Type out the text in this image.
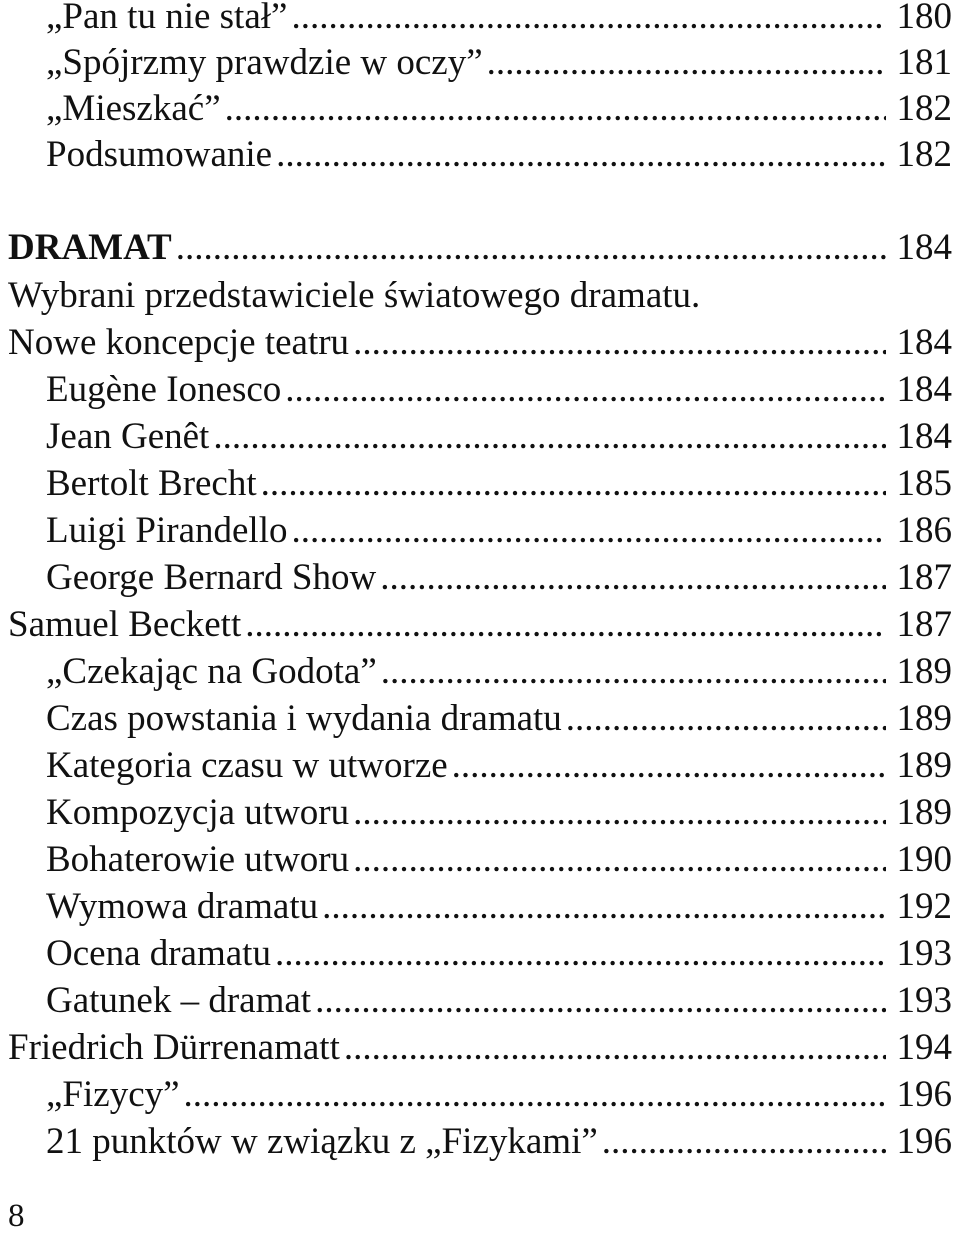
„Pan tu nie stał” .....	180
„Spójrzmy prawdzie w oczy” .....	181
„Mieszkać” .....	182
Podsumowanie .....	182
DRAMAT .....	184
Wybrani przedstawiciele światowego dramatu.
Nowe koncepcje teatru .....	184
Eugène Ionesco .....	184
Jean Genêt .....	184
Bertolt Brecht .....	185
Luigi Pirandello .....	186
George Bernard Show .....	187
Samuel Beckett .....	187
„Czekając na Godota” .....	189
Czas powstania i wydania dramatu .....	189
Kategoria czasu w utworze .....	189
Kompozycja utworu .....	189
Bohaterowie utworu .....	190
Wymowa dramatu .....	192
Ocena dramatu .....	193
Gatunek – dramat .....	193
Friedrich Dürrenamatt .....	194
„Fizycy” .....	196
21 punktów w związku z „Fizykami” .....	196
8
